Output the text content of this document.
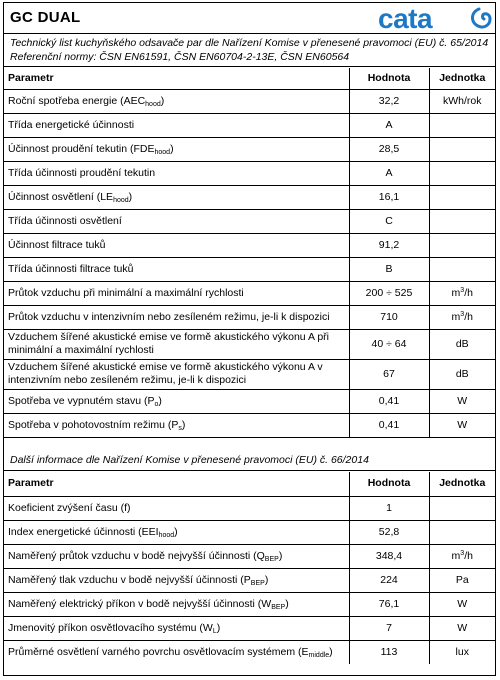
GC DUAL	cata
Technický list kuchyňského odsavače par dle Nařízení Komise v přenesené pravomoci (EU) č. 65/2014
Referenční normy: ČSN EN61591, ČSN EN60704-2-13E, ČSN EN60564
Parametr	Hodnota	Jednotka
Roční spotřeba energie $(AEC_{hood})$	32,2	kWh/rok
Třída energetické účinnosti	A	
Účinnost proudění tekutin $(FDE_{hood})$	28,5	
Třída účinnosti proudění tekutin	A	
Účinnost osvětlení $(LE_{hood})$	16,1	
Třída účinnosti osvětlení	C	
Účinnost filtrace tuků	91,2	
Třída účinnosti filtrace tuků	B	
Průtok vzduchu při minimální a maximální rychlosti	200 ÷ 525	$m^3/h$
Průtok vzduchu v intenzivním nebo zesíleném režimu, je-li k dispozici	710	$m^3/h$
Vzduchem šířené akustické emise ve formě akustického výkonu A při minimální a maximální rychlosti	40 ÷ 64	dB
Vzduchem šířené akustické emise ve formě akustického výkonu A v intenzivním nebo zesíleném režimu, je-li k dispozici	67	dB
Spotřeba ve vypnutém stavu $(P_o)$	0,41	W
Spotřeba v pohotovostním režimu $(P_s)$	0,41	W
Další informace dle Nařízení Komise v přenesené pravomoci (EU) č. 66/2014
Parametr	Hodnota	Jednotka
Koeficient zvýšení času (f)	1	
Index energetické účinnosti $(EEI_{hood})$	52,8	
Naměřený průtok vzduchu v bodě nejvyšší účinnosti $(Q_{BEP})$	348,4	$m^3/h$
Naměřený tlak vzduchu v bodě nejvyšší účinnosti $(P_{BEP})$	224	Pa
Naměřený elektrický příkon v bodě nejvyšší účinnosti $(W_{BEP})$	76,1	W
Jmenovitý příkon osvětlovacího systému $(W_L)$	7	W
Průměrné osvětlení varného povrchu osvětlovacím systémem $(E_{middle})$	113	lux
